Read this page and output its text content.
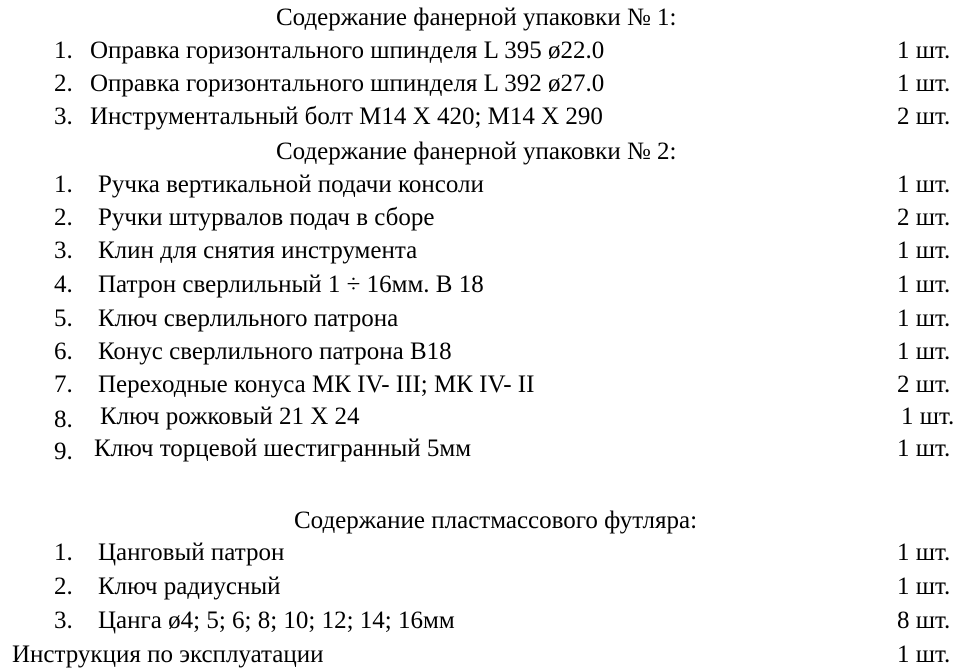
Содержание фанерной упаковки № 1:
1. Оправка горизонтального шпинделя L 395 ø22.0	1 шт.
2. Оправка горизонтального шпинделя L 392 ø27.0	1 шт.
3. Инструментальный болт М14 Х 420; М14 Х 290	2 шт.
Содержание фанерной упаковки № 2:
1. Ручка вертикальной подачи консоли	1 шт.
2. Ручки штурвалов подач в сборе	2 шт.
3. Клин для снятия инструмента	1 шт.
4. Патрон сверлильный 1 ÷ 16мм. В 18	1 шт.
5. Ключ сверлильного патрона	1 шт.
6. Конус сверлильного патрона В18	1 шт.
7. Переходные конуса МК IV- III; МК IV- II	2 шт.
8. Ключ рожковый 21 Х 24	1 шт.
9. Ключ торцевой шестигранный 5мм	1 шт.
Содержание пластмассового футляра:
1. Цанговый патрон	1 шт.
2. Ключ радиусный	1 шт.
3. Цанга ø4; 5; 6; 8; 10; 12; 14; 16мм	8 шт.
Инструкция по эксплуатации	1 шт.
